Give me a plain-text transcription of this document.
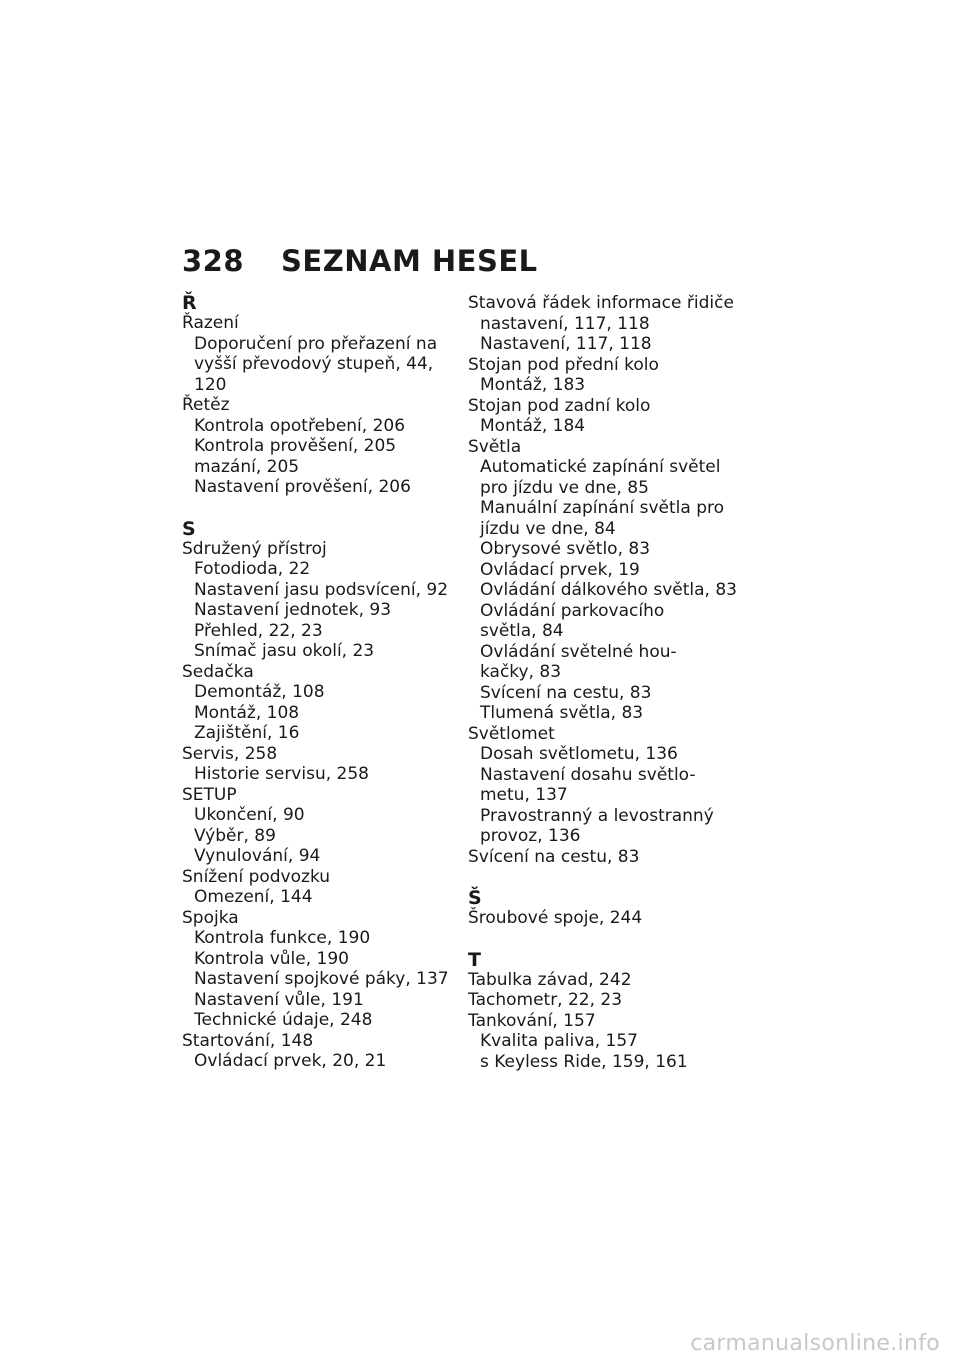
328	SEZNAM HESEL
Ř
Řazení
Doporučení pro přeřazení na
vyšší převodový stupeň, 44,
120
Řetěz
Kontrola opotřebení, 206
Kontrola prověšení, 205
mazání, 205
Nastavení prověšení, 206
S
Sdružený přístroj
Fotodioda, 22
Nastavení jasu podsvícení, 92
Nastavení jednotek, 93
Přehled, 22, 23
Snímač jasu okolí, 23
Sedačka
Demontáž, 108
Montáž, 108
Zajištění, 16
Servis, 258
Historie servisu, 258
SETUP
Ukončení, 90
Výběr, 89
Vynulování, 94
Snížení podvozku
Omezení, 144
Spojka
Kontrola funkce, 190
Kontrola vůle, 190
Nastavení spojkové páky, 137
Nastavení vůle, 191
Technické údaje, 248
Startování, 148
Ovládací prvek, 20, 21
Stavová řádek informace řidiče
nastavení, 117, 118
Nastavení, 117, 118
Stojan pod přední kolo
Montáž, 183
Stojan pod zadní kolo
Montáž, 184
Světla
Automatické zapínání světel
pro jízdu ve dne, 85
Manuální zapínání světla pro
jízdu ve dne, 84
Obrysové světlo, 83
Ovládací prvek, 19
Ovládání dálkového světla, 83
Ovládání parkovacího
světla, 84
Ovládání světelné hou-
kačky, 83
Svícení na cestu, 83
Tlumená světla, 83
Světlomet
Dosah světlometu, 136
Nastavení dosahu světlo-
metu, 137
Pravostranný a levostranný
provoz, 136
Svícení na cestu, 83
Š
Šroubové spoje, 244
T
Tabulka závad, 242
Tachometr, 22, 23
Tankování, 157
Kvalita paliva, 157
s Keyless Ride, 159, 161
carmanualsonline.info
